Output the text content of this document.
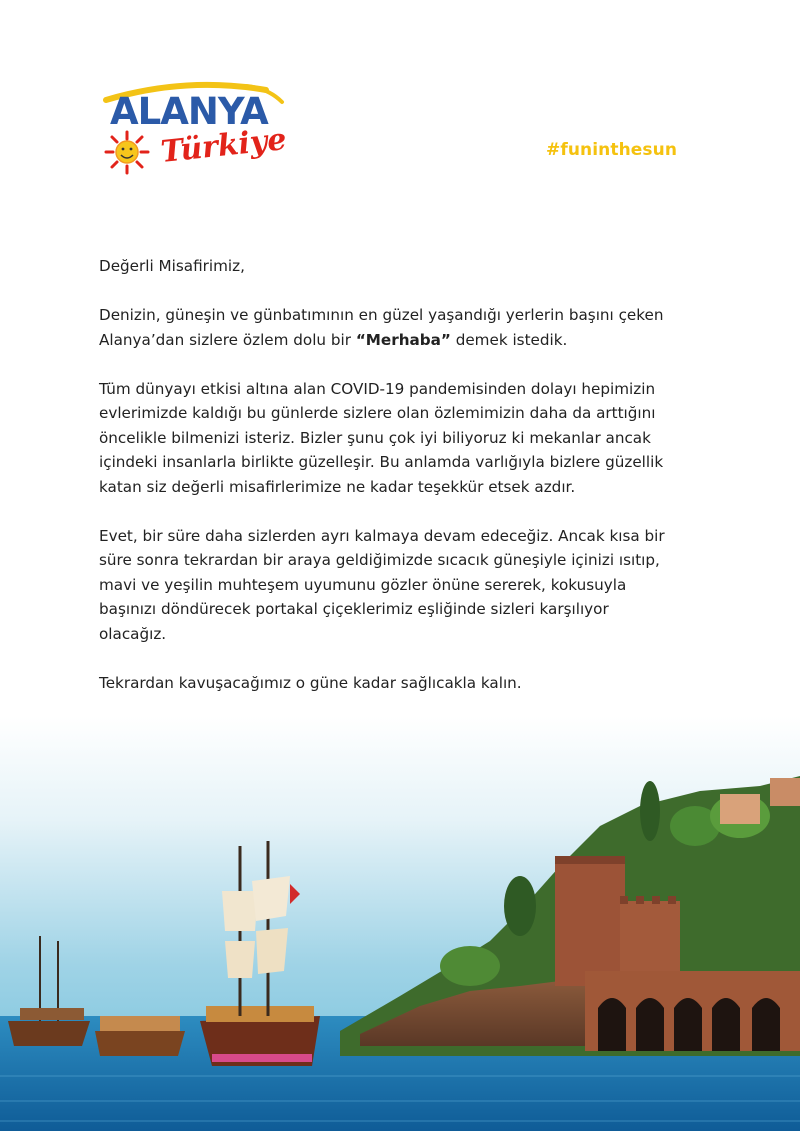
ALANYA
Türkiye	#funinthesun

Değerli Misafirimiz,

Denizin, güneşin ve günbatımının en güzel yaşandığı yerlerin başını çeken Alanya’dan sizlere özlem dolu bir “Merhaba” demek istedik.

Tüm dünyayı etkisi altına alan COVID-19 pandemisinden dolayı hepimizin evlerimizde kaldığı bu günlerde sizlere olan özlemimizin daha da arttığını öncelikle bilmenizi isteriz. Bizler şunu çok iyi biliyoruz ki mekanlar ancak içindeki insanlarla birlikte güzelleşir. Bu anlamda varlığıyla bizlere güzellik katan siz değerli misafirlerimize ne kadar teşekkür etsek azdır.

Evet, bir süre daha sizlerden ayrı kalmaya devam edeceğiz. Ancak kısa bir süre sonra tekrardan bir araya geldiğimizde sıcacık güneşiyle içinizi ısıtıp, mavi ve yeşilin muhteşem uyumunu gözler önüne sererek, kokusuyla başınızı döndürecek portakal çiçeklerimiz eşliğinde sizleri karşılıyor olacağız.

Tekrardan kavuşacağımız o güne kadar sağlıcakla kalın.
